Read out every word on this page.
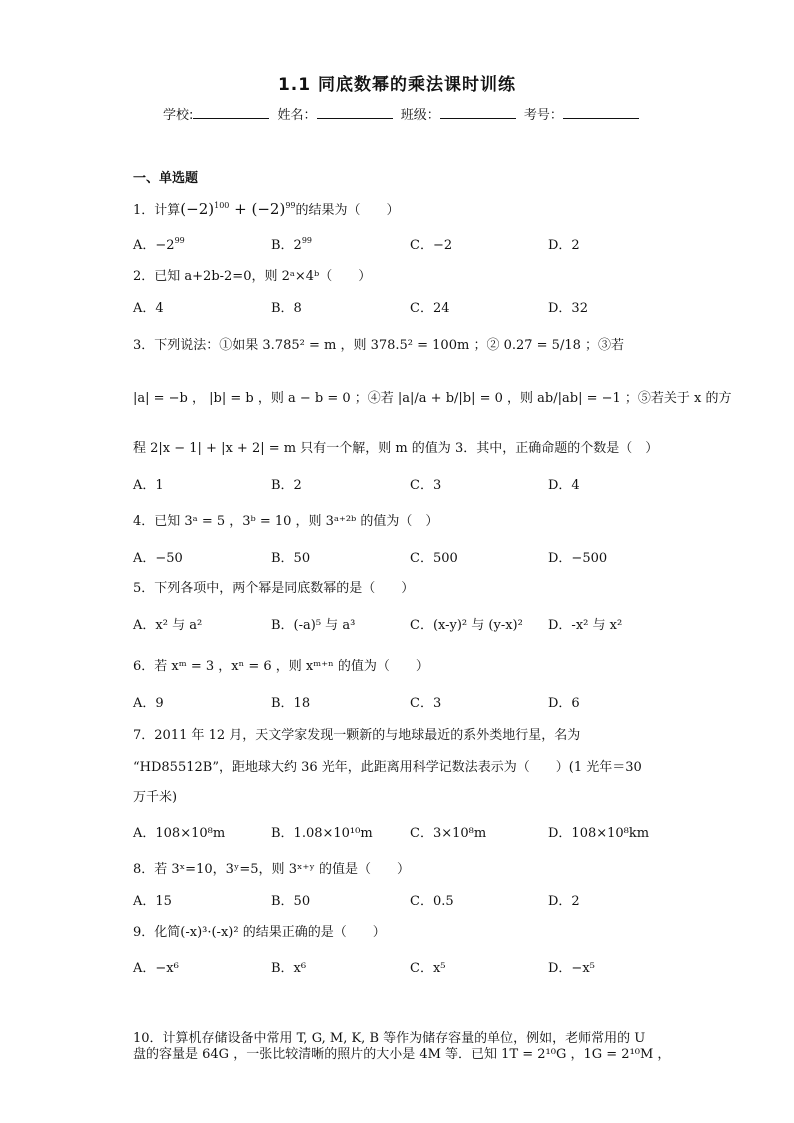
1.1 同底数幂的乘法课时训练
学校:	姓名：	班级：	考号：
一、单选题
1．计算$(-2)^{100} + (-2)^{99}$的结果为（　　）
A．$-2^{99}$	B．$2^{99}$	C．−2	D．2
2．已知 a+2b-2=0，则 2ᵃ×4ᵇ（　　）
A．4	B．8	C．24	D．32
3．下列说法：①如果 3.785² = m ，则 378.5² = 100m ；② 0.27̇ = 5/18 ；③若
|a| = −b ， |b| = b ，则 a − b = 0 ；④若 |a|/a + b/|b| = 0 ，则 ab/|ab| = −1 ；⑤若关于 x 的方
程 2|x − 1| + |x + 2| = m 只有一个解，则 m 的值为 3．其中，正确命题的个数是（　）
A．1	B．2	C．3	D．4
4．已知 3ᵃ = 5 ，3ᵇ = 10 ，则 3ᵃ⁺²ᵇ 的值为（　）
A．−50	B．50	C．500	D．−500
5．下列各项中，两个幂是同底数幂的是（　　）
A．x² 与 a²	B．(-a)⁵ 与 a³	C．(x-y)² 与 (y-x)² D．-x² 与 x²
6．若 xᵐ = 3 ，xⁿ = 6 ，则 xᵐ⁺ⁿ 的值为（　　）
A．9	B．18	C．3	D．6
7．2011 年 12 月，天文学家发现一颗新的与地球最近的系外类地行星，名为
“HD85512B”，距地球大约 36 光年，此距离用科学记数法表示为（　　）(1 光年＝30
万千米)
A．108×10⁸m	B．1.08×10¹⁰m	C．3×10⁸m	D．108×10⁸km
8．若 3ˣ=10，3ʸ=5，则 3ˣ⁺ʸ 的值是（　　）
A．15	B．50	C．0.5	D．2
9．化简(-x)³·(-x)² 的结果正确的是（　　）
A．−x⁶	B．x⁶	C．x⁵	D．−x⁵
10．计算机存储设备中常用 T, G, M, K, B 等作为储存容量的单位，例如，老师常用的 U
盘的容量是 64G ，一张比较清晰的照片的大小是 4M 等．已知 1T = 2¹⁰G ，1G = 2¹⁰M ，
